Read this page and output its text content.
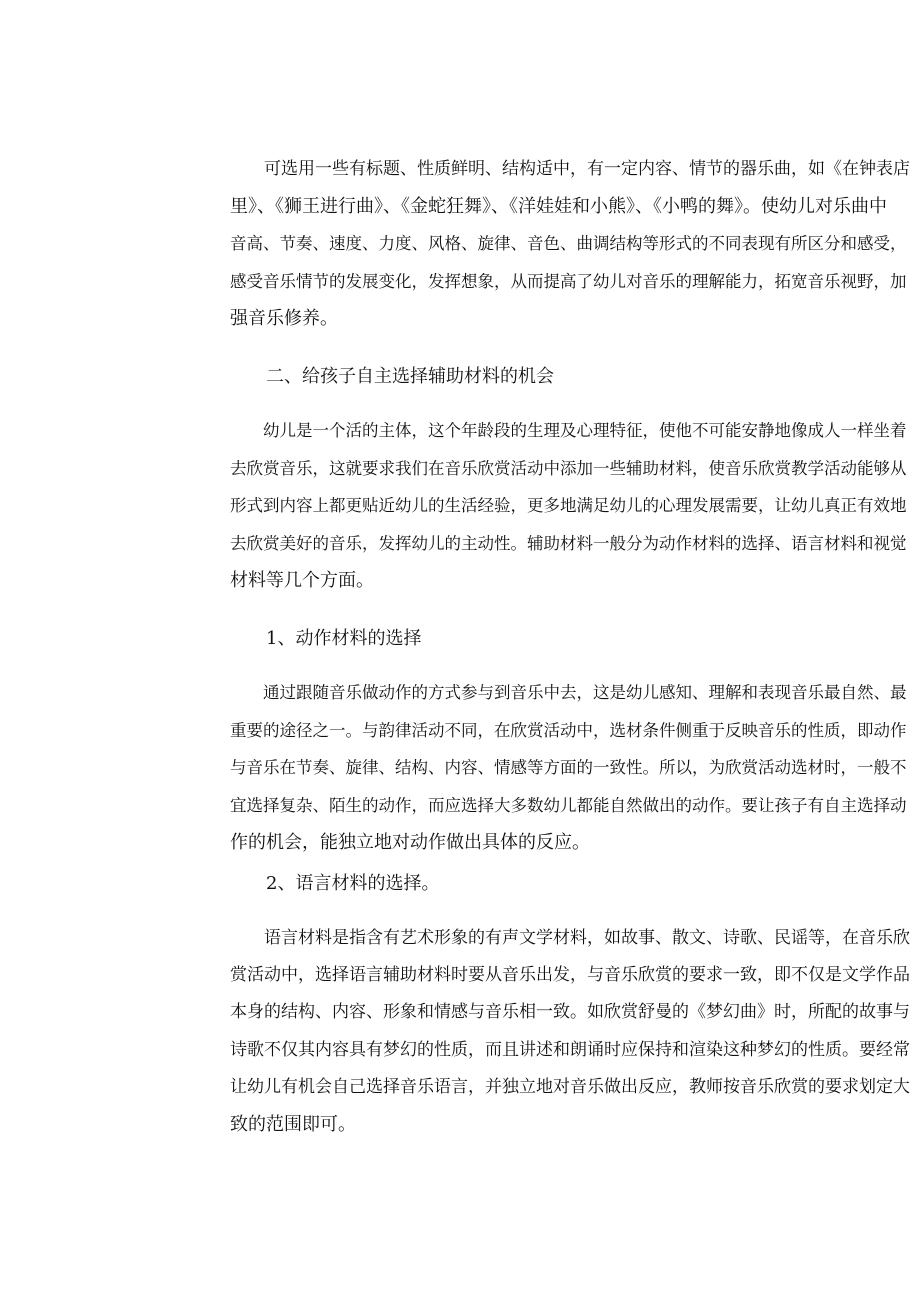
　　可选用一些有标题、性质鲜明、结构适中，有一定内容、情节的器乐曲，如《在钟表店
里》、《狮王进行曲》、《金蛇狂舞》、《洋娃娃和小熊》、《小鸭的舞》。使幼儿对乐曲中
音高、节奏、速度、力度、风格、旋律、音色、曲调结构等形式的不同表现有所区分和感受，
感受音乐情节的发展变化，发挥想象，从而提高了幼儿对音乐的理解能力，拓宽音乐视野，加
强音乐修养。
　　二、给孩子自主选择辅助材料的机会
　　幼儿是一个活的主体，这个年龄段的生理及心理特征，使他不可能安静地像成人一样坐着
去欣赏音乐，这就要求我们在音乐欣赏活动中添加一些辅助材料，使音乐欣赏教学活动能够从
形式到内容上都更贴近幼儿的生活经验，更多地满足幼儿的心理发展需要，让幼儿真正有效地
去欣赏美好的音乐，发挥幼儿的主动性。辅助材料一般分为动作材料的选择、语言材料和视觉
材料等几个方面。
　　1、动作材料的选择
　　通过跟随音乐做动作的方式参与到音乐中去，这是幼儿感知、理解和表现音乐最自然、最
重要的途径之一。与韵律活动不同，在欣赏活动中，选材条件侧重于反映音乐的性质，即动作
与音乐在节奏、旋律、结构、内容、情感等方面的一致性。所以，为欣赏活动选材时，一般不
宜选择复杂、陌生的动作，而应选择大多数幼儿都能自然做出的动作。要让孩子有自主选择动
作的机会，能独立地对动作做出具体的反应。
　　2、语言材料的选择。
　　语言材料是指含有艺术形象的有声文学材料，如故事、散文、诗歌、民谣等，在音乐欣
赏活动中，选择语言辅助材料时要从音乐出发，与音乐欣赏的要求一致，即不仅是文学作品
本身的结构、内容、形象和情感与音乐相一致。如欣赏舒曼的《梦幻曲》时，所配的故事与
诗歌不仅其内容具有梦幻的性质，而且讲述和朗诵时应保持和渲染这种梦幻的性质。要经常
让幼儿有机会自己选择音乐语言，并独立地对音乐做出反应，教师按音乐欣赏的要求划定大
致的范围即可。
